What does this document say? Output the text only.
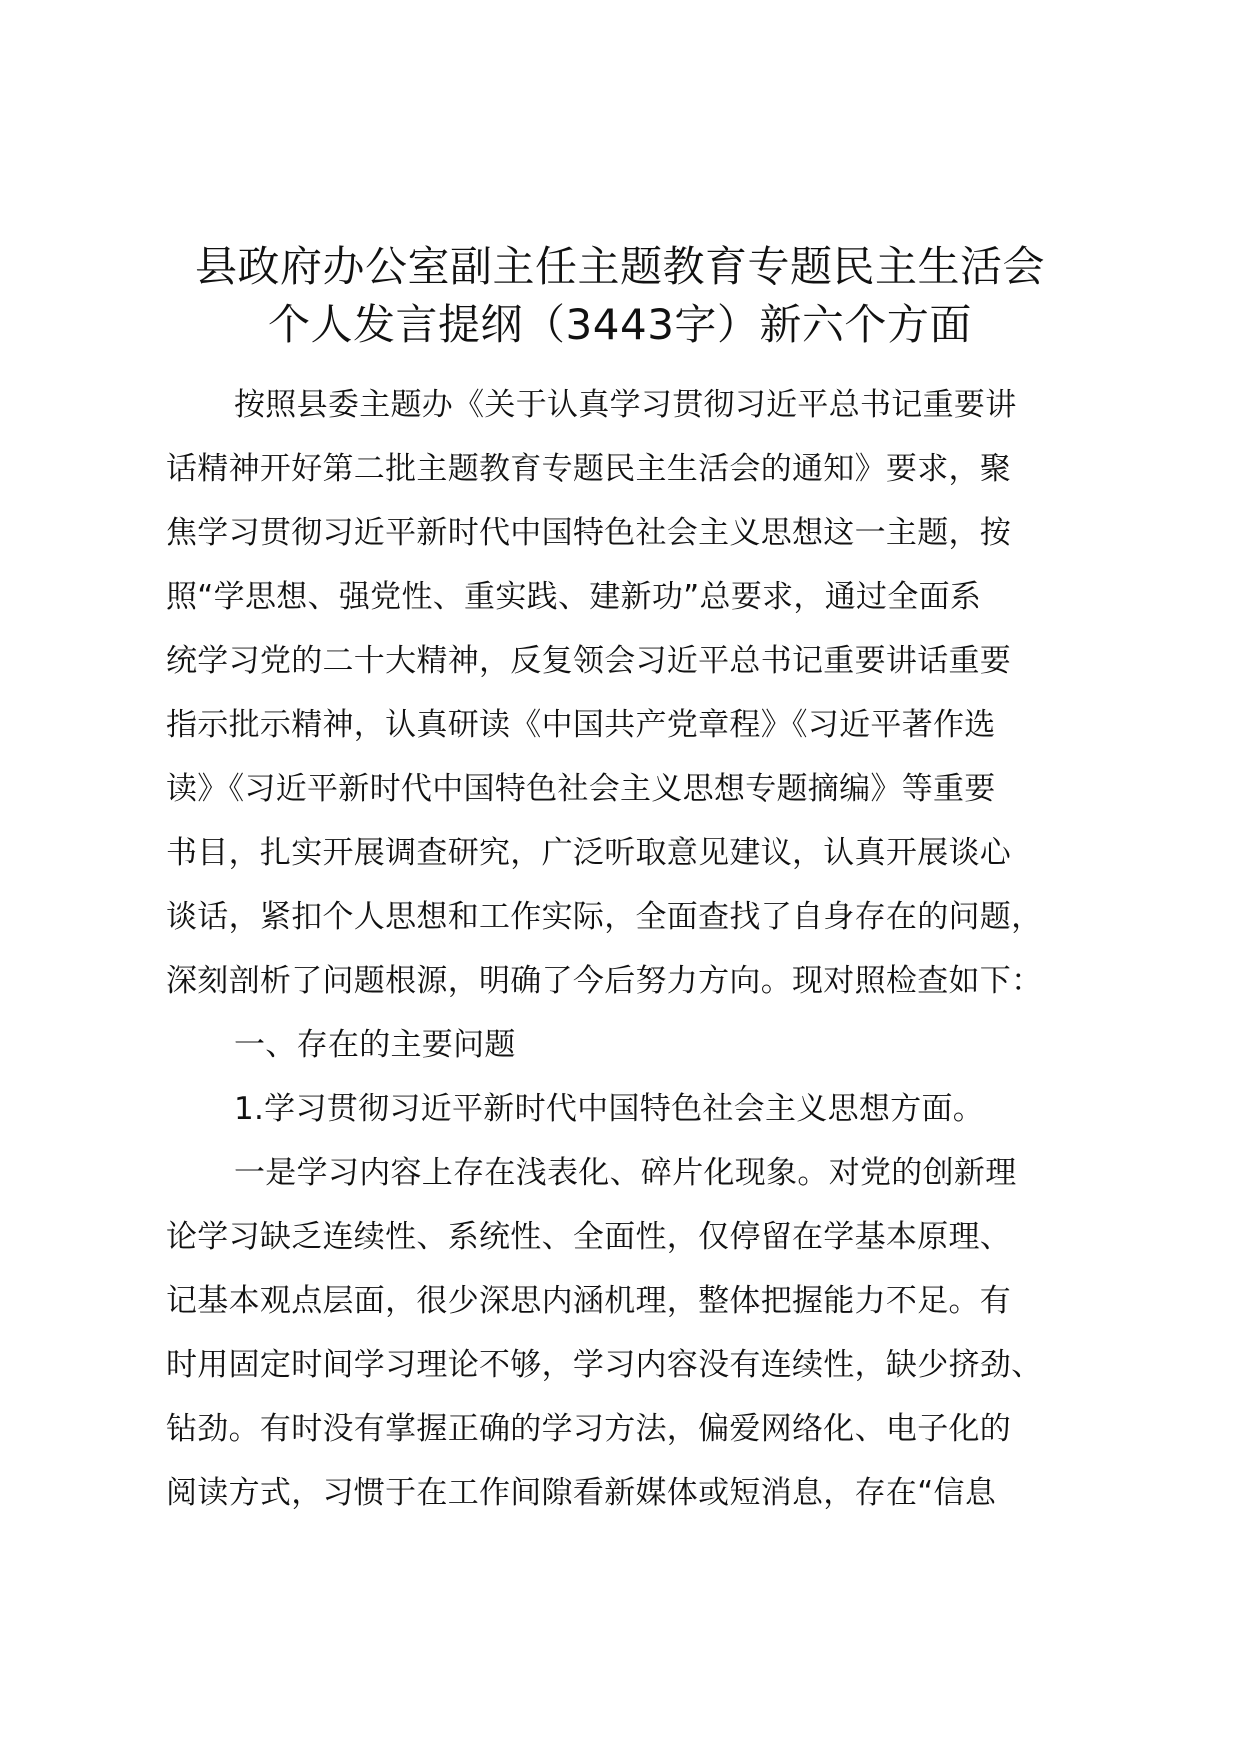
县政府办公室副主任主题教育专题民主生活会
个人发言提纲（3443字）新六个方面

按照县委主题办《关于认真学习贯彻习近平总书记重要讲
话精神开好第二批主题教育专题民主生活会的通知》要求，聚
焦学习贯彻习近平新时代中国特色社会主义思想这一主题，按
照“学思想、强党性、重实践、建新功”总要求，通过全面系
统学习党的二十大精神，反复领会习近平总书记重要讲话重要
指示批示精神，认真研读《中国共产党章程》《习近平著作选
读》《习近平新时代中国特色社会主义思想专题摘编》等重要
书目，扎实开展调查研究，广泛听取意见建议，认真开展谈心
谈话，紧扣个人思想和工作实际，全面查找了自身存在的问题，
深刻剖析了问题根源，明确了今后努力方向。现对照检查如下：

一、存在的主要问题

1.学习贯彻习近平新时代中国特色社会主义思想方面。

一是学习内容上存在浅表化、碎片化现象。对党的创新理
论学习缺乏连续性、系统性、全面性，仅停留在学基本原理、
记基本观点层面，很少深思内涵机理，整体把握能力不足。有
时用固定时间学习理论不够，学习内容没有连续性，缺少挤劲、
钻劲。有时没有掌握正确的学习方法，偏爱网络化、电子化的
阅读方式，习惯于在工作间隙看新媒体或短消息，存在“信息
